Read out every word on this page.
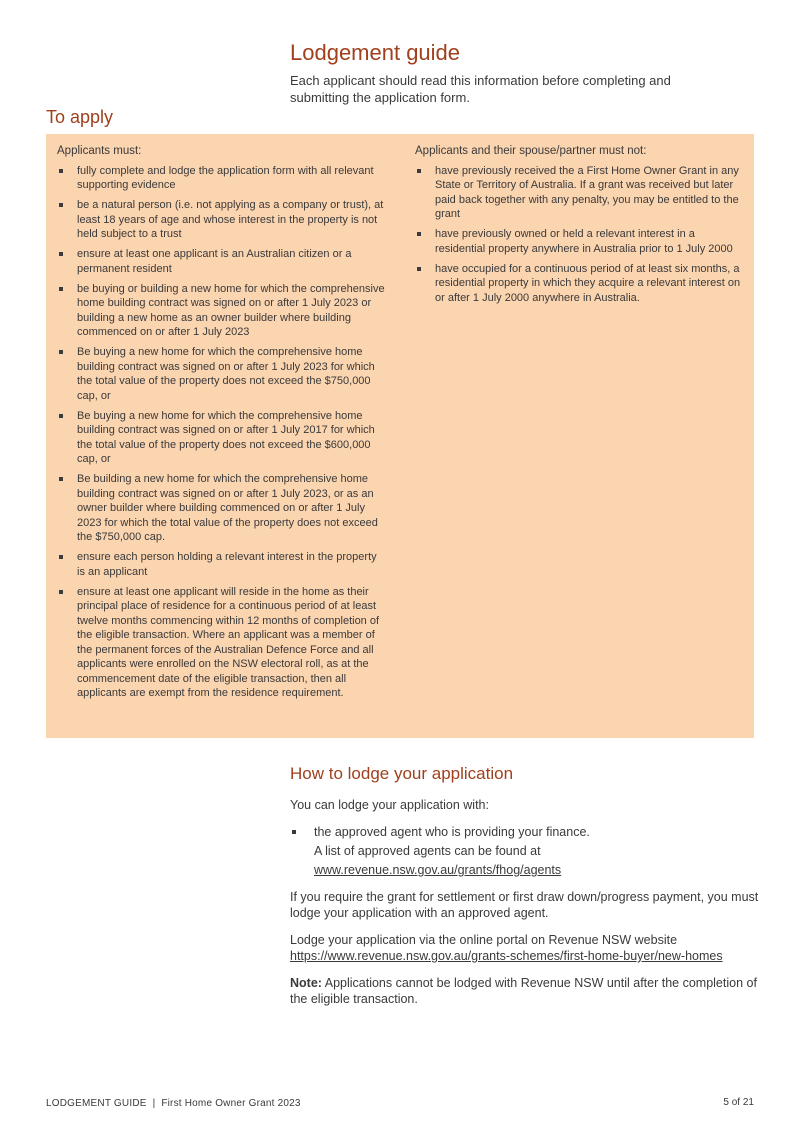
Lodgement guide

Each applicant should read this information before completing and submitting the application form.

To apply

Applicants must:

fully complete and lodge the application form with all relevant supporting evidence
be a natural person (i.e. not applying as a company or trust), at least 18 years of age and whose interest in the property is not held subject to a trust
ensure at least one applicant is an Australian citizen or a permanent resident
be buying or building a new home for which the comprehensive home building contract was signed on or after 1 July 2023 or building a new home as an owner builder where building commenced on or after 1 July 2023
Be buying a new home for which the comprehensive home building contract was signed on or after 1 July 2023 for which the total value of the property does not exceed the $750,000 cap, or
Be buying a new home for which the comprehensive home building contract was signed on or after 1 July 2017 for which the total value of the property does not exceed the $600,000 cap, or
Be building a new home for which the comprehensive home building contract was signed on or after 1 July 2023, or as an owner builder where building commenced on or after 1 July 2023 for which the total value of the property does not exceed the $750,000 cap.
ensure each person holding a relevant interest in the property is an applicant
ensure at least one applicant will reside in the home as their principal place of residence for a continuous period of at least twelve months commencing within 12 months of completion of the eligible transaction. Where an applicant was a member of the permanent forces of the Australian Defence Force and all applicants were enrolled on the NSW electoral roll, as at the commencement date of the eligible transaction, then all applicants are exempt from the residence requirement.

Applicants and their spouse/partner must not:

have previously received the a First Home Owner Grant in any State or Territory of Australia. If a grant was received but later paid back together with any penalty, you may be entitled to the grant
have previously owned or held a relevant interest in a residential property anywhere in Australia prior to 1 July 2000
have occupied for a continuous period of at least six months, a residential property in which they acquire a relevant interest on or after 1 July 2000 anywhere in Australia.
How to lodge your application

You can lodge your application with:

the approved agent who is providing your finance.
A list of approved agents can be found at
www.revenue.nsw.gov.au/grants/fhog/agents

If you require the grant for settlement or first draw down/progress payment, you must lodge your application with an approved agent.

Lodge your application via the online portal on Revenue NSW website
https://www.revenue.nsw.gov.au/grants-schemes/first-home-buyer/new-homes

Note: Applications cannot be lodged with Revenue NSW until after the completion of the eligible transaction.

LODGEMENT GUIDE  |  First Home Owner Grant 2023	5 of 21
